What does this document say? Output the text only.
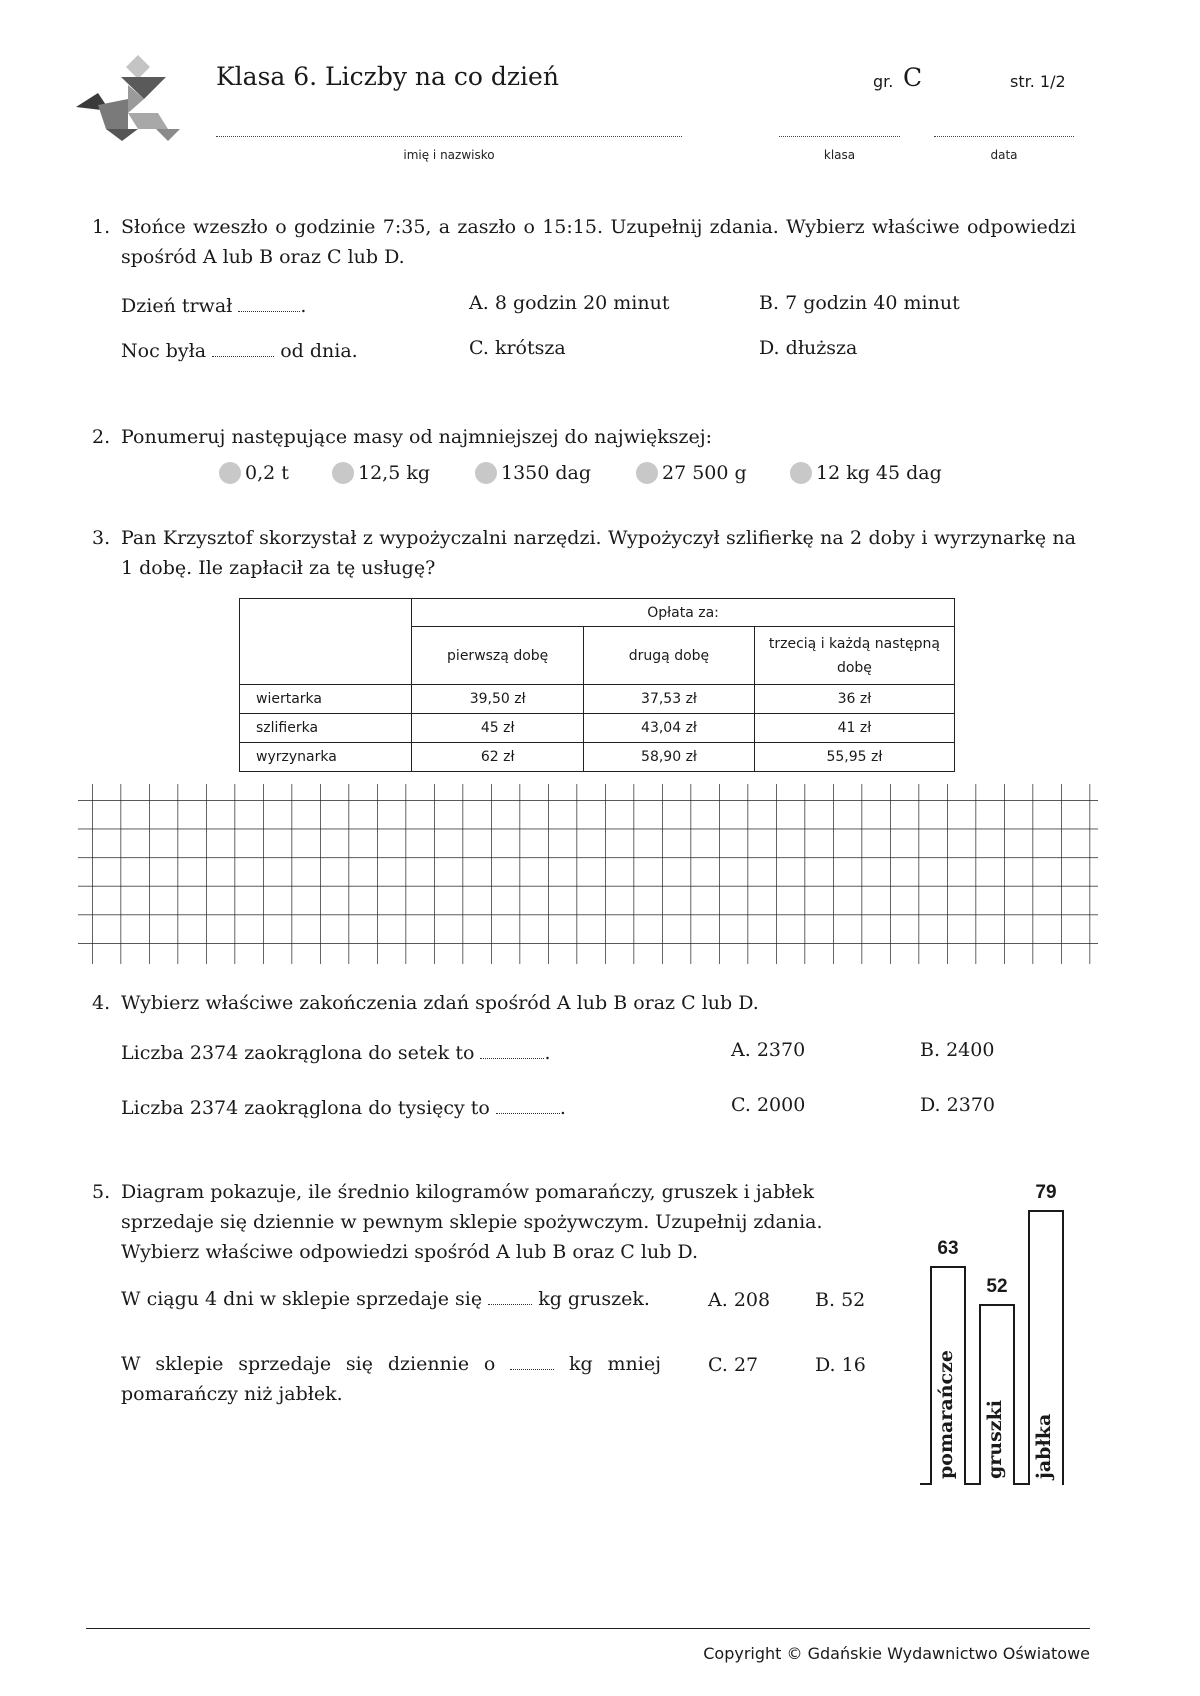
Klasa 6. Liczby na co dzień	gr. C	str. 1/2
imię i nazwisko	klasa	data
1. Słońce wzeszło o godzinie 7:35, a zaszło o 15:15. Uzupełnij zdania. Wybierz właściwe odpowiedzi spośród A lub B oraz C lub D.
Dzień trwał	.
Noc była	od dnia.
A. 8 godzin 20 minut	B. 7 godzin 40 minut
C. krótsza	D. dłuższa
2. Ponumeruj następujące masy od najmniejszej do największej:
0,2 t	12,5 kg	1350 dag	27 500 g	12 kg 45 dag
3. Pan Krzysztof skorzystał z wypożyczalni narzędzi. Wypożyczył szlifierkę na 2 doby i wyrzynarkę na 1 dobę. Ile zapłacił za tę usługę?
	Opłata za:		
	pierwszą dobę	drugą dobę	trzecią i każdą następną dobę
wiertarka	39,50 zł	37,53 zł	36 zł
szlifierka	45 zł	43,04 zł	41 zł
wyrzynarka	62 zł	58,90 zł	55,95 zł
4. Wybierz właściwe zakończenia zdań spośród A lub B oraz C lub D.
Liczba 2374 zaokrąglona do setek to	.
Liczba 2374 zaokrąglona do tysięcy to	.
A. 2370	B. 2400
C. 2000	D. 2370
5. Diagram pokazuje, ile średnio kilogramów pomarańczy, gruszek i jabłek sprzedaje się dziennie w pewnym sklepie spożywczym. Uzupełnij zdania. Wybierz właściwe odpowiedzi spośród A lub B oraz C lub D.
W ciągu 4 dni w sklepie sprzedaje się	kg gruszek.
W sklepie sprzedaje się dziennie o	kg mniej pomarańczy niż jabłek.
A. 208 B. 52
C. 27	D. 16
63
pomarańcze
52
gruszki
79
jabłka
Copyright © Gdańskie Wydawnictwo Oświatowe
